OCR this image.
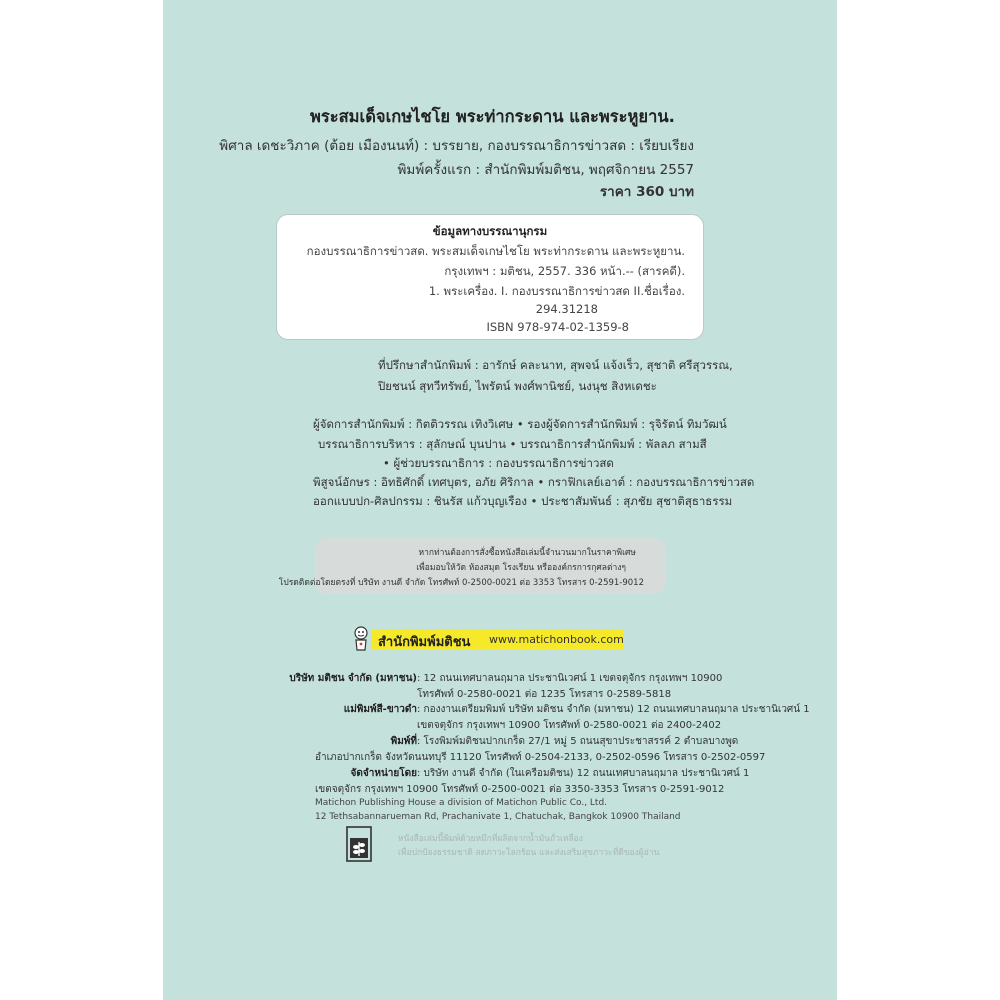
พระสมเด็จเกษไชโย พระท่ากระดาน และพระหูยาน.
พิศาล เดชะวิภาค (ต้อย เมืองนนท์) : บรรยาย, กองบรรณาธิการข่าวสด : เรียบเรียง
พิมพ์ครั้งแรก : สำนักพิมพ์มติชน, พฤศจิกายน 2557
ราคา 360 บาท
ข้อมูลทางบรรณานุกรม
กองบรรณาธิการข่าวสด. พระสมเด็จเกษไชโย พระท่ากระดาน และพระหูยาน.
กรุงเทพฯ : มติชน, 2557. 336 หน้า.-- (สารคดี).
1. พระเครื่อง. I. กองบรรณาธิการข่าวสด II.ชื่อเรื่อง.
294.31218
ISBN 978-974-02-1359-8
ที่ปรึกษาสำนักพิมพ์ : อารักษ์ คละนาท, สุพจน์ แจ้งเร็ว, สุชาติ ศรีสุวรรณ,
ปิยชนน์ สุทวีทรัพย์, ไพรัตน์ พงศ์พานิชย์, นงนุช สิงหเดชะ
ผู้จัดการสำนักพิมพ์ : กิตติวรรณ เทิงวิเศษ • รองผู้จัดการสำนักพิมพ์ : รุจิรัตน์ ทิมวัฒน์
บรรณาธิการบริหาร : สุลักษณ์ บุนปาน • บรรณาธิการสำนักพิมพ์ : พัลลภ สามสี
• ผู้ช่วยบรรณาธิการ : กองบรรณาธิการข่าวสด
พิสูจน์อักษร : อิทธิศักดิ์ เทศบุตร, อภัย ศิริกาล • กราฟิกเลย์เอาต์ : กองบรรณาธิการข่าวสด
ออกแบบปก-ศิลปกรรม : ชินรัส แก้วบุญเรือง • ประชาสัมพันธ์ : สุภชัย สุชาติสุธาธรรม
หากท่านต้องการสั่งซื้อหนังสือเล่มนี้จำนวนมากในราคาพิเศษ
เพื่อมอบให้วัด ห้องสมุด โรงเรียน หรือองค์กรการกุศลต่างๆ
โปรดติดต่อโดยตรงที่ บริษัท งานดี จำกัด โทรศัพท์ 0-2500-0021 ต่อ 3353 โทรสาร 0-2591-9012
สำนักพิมพ์มติชน www.matichonbook.com
บริษัท มติชน จำกัด (มหาชน) : 12 ถนนเทศบาลนฤมาล ประชานิเวศน์ 1 เขตจตุจักร กรุงเทพฯ 10900
โทรศัพท์ 0-2580-0021 ต่อ 1235 โทรสาร 0-2589-5818
แม่พิมพ์สี-ขาวดำ : กองงานเตรียมพิมพ์ บริษัท มติชน จำกัด (มหาชน) 12 ถนนเทศบาลนฤมาล ประชานิเวศน์ 1
เขตจตุจักร กรุงเทพฯ 10900 โทรศัพท์ 0-2580-0021 ต่อ 2400-2402
พิมพ์ที่ : โรงพิมพ์มติชนปากเกร็ด 27/1 หมู่ 5 ถนนสุขาประชาสรรค์ 2 ตำบลบางพูด
อำเภอปากเกร็ด จังหวัดนนทบุรี 11120 โทรศัพท์ 0-2504-2133, 0-2502-0596 โทรสาร 0-2502-0597
จัดจำหน่ายโดย : บริษัท งานดี จำกัด (ในเครือมติชน) 12 ถนนเทศบาลนฤมาล ประชานิเวศน์ 1
เขตจตุจักร กรุงเทพฯ 10900 โทรศัพท์ 0-2500-0021 ต่อ 3350-3353 โทรสาร 0-2591-9012
Matichon Publishing House a division of Matichon Public Co., Ltd.
12 Tethsabannarueman Rd, Prachanivate 1, Chatuchak, Bangkok 10900 Thailand
หนังสือเล่มนี้พิมพ์ด้วยหมึกที่ผลิตจากน้ำมันถั่วเหลือง
เพื่อปกป้องธรรมชาติ ลดภาวะโลกร้อน และส่งเสริมสุขภาวะที่ดีของผู้อ่าน
